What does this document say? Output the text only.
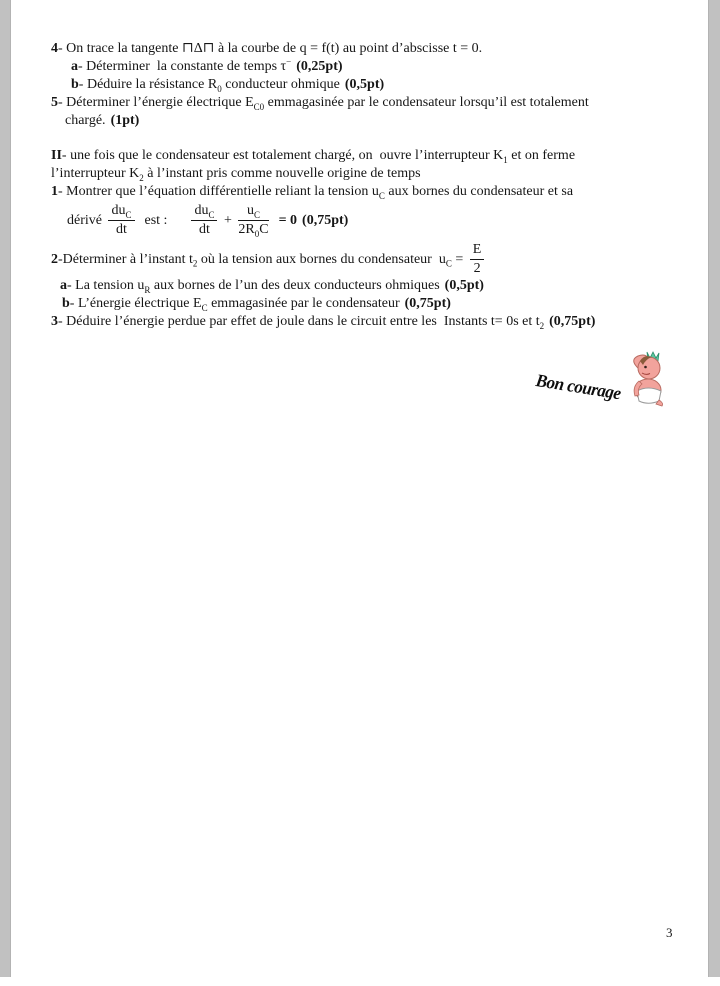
4- On trace la tangente ⊓Δ⊓ à la courbe de q = f(t) au point d’abscisse t = 0.
a- Déterminer  la constante de temps τ− (0,25pt)
b- Déduire la résistance $R_0$ conducteur ohmique (0,5pt)
5- Déterminer l’énergie électrique $E_{C0}$ emmagasinée par le condensateur lorsqu’il est totalement
chargé. (1pt)
II- une fois que le condensateur est totalement chargé, on  ouvre l’interrupteur $K_1$ et on ferme
l’interrupteur $K_2$ à l’instant pris comme nouvelle origine de temps
1- Montrer que l’équation différentielle reliant la tension $u_C$ aux bornes du condensateur et sa
dérivé $\frac{du_C}{dt}$ est : $\frac{du_C}{dt} + \frac{u_C}{2R_0C} = 0$ (0,75pt)
2-Déterminer à l’instant $t_2$ où la tension aux bornes du condensateur  $u_C = \frac{E}{2}$
a- La tension $u_R$ aux bornes de l’un des deux conducteurs ohmiques (0,5pt)
b- L’énergie électrique $E_C$ emmagasinée par le condensateur (0,75pt)
3- Déduire l’énergie perdue par effet de joule dans le circuit entre les  Instants t= 0s et $t_2$ (0,75pt)
Bon courage
3
